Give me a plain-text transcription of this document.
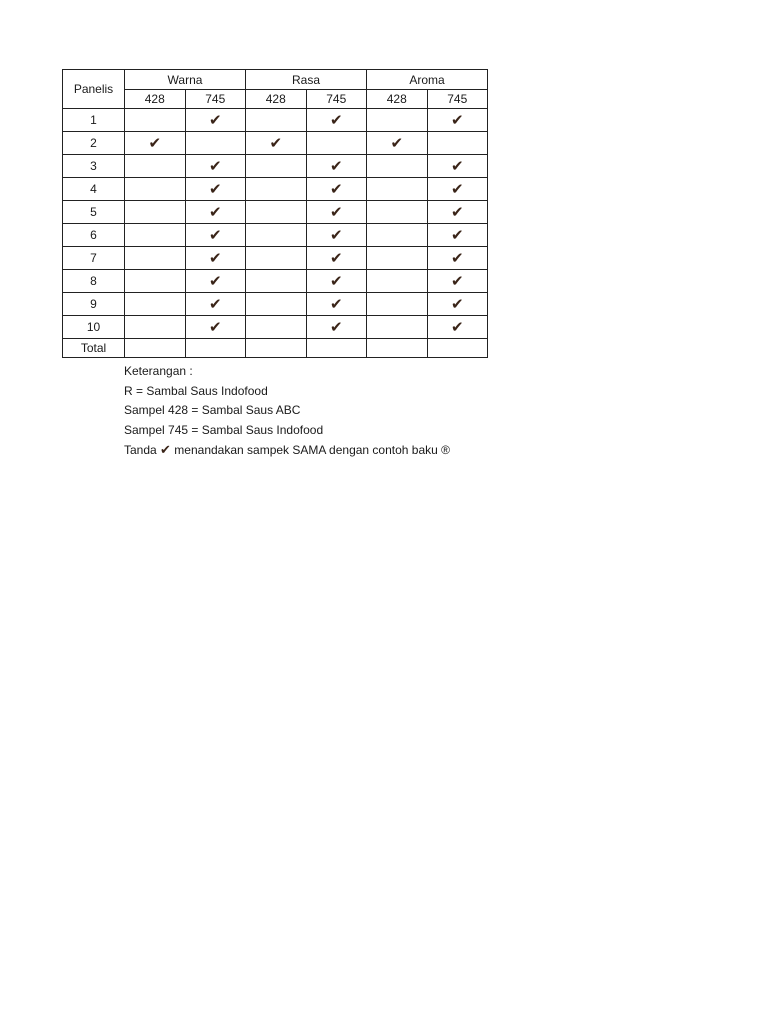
Panelis	Warna		Rasa		Aroma	
	428	745	428	745	428	745
1		✔		✔		✔
2	✔		✔		✔	
3		✔		✔		✔
4		✔		✔		✔
5		✔		✔		✔
6		✔		✔		✔
7		✔		✔		✔
8		✔		✔		✔
9		✔		✔		✔
10		✔		✔		✔
Total						
Keterangan :
R = Sambal Saus Indofood
Sampel 428 = Sambal Saus ABC
Sampel 745 = Sambal Saus Indofood
Tanda ✔ menandakan sampek SAMA dengan contoh baku ®
